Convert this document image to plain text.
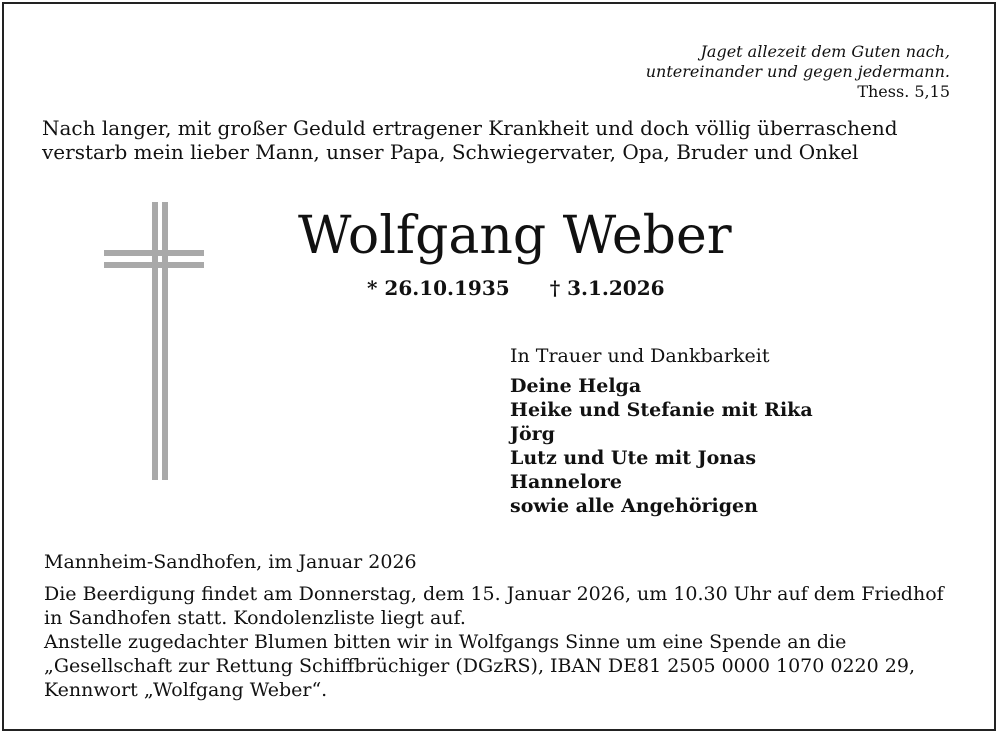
Jaget allezeit dem Guten nach,
untereinander und gegen jedermann.
Thess. 5,15
Nach langer, mit großer Geduld ertragener Krankheit und doch völlig überraschend
verstarb mein lieber Mann, unser Papa, Schwiegervater, Opa, Bruder und Onkel
Wolfgang Weber
* 26.10.1935 † 3.1.2026
In Trauer und Dankbarkeit
Deine Helga
Heike und Stefanie mit Rika
Jörg
Lutz und Ute mit Jonas
Hannelore
sowie alle Angehörigen
Mannheim-Sandhofen, im Januar 2026
Die Beerdigung findet am Donnerstag, dem 15. Januar 2026, um 10.30 Uhr auf dem Friedhof
in Sandhofen statt. Kondolenzliste liegt auf.
Anstelle zugedachter Blumen bitten wir in Wolfgangs Sinne um eine Spende an die
„Gesellschaft zur Rettung Schiffbrüchiger (DGzRS), IBAN DE81 2505 0000 1070 0220 29,
Kennwort „Wolfgang Weber“.
